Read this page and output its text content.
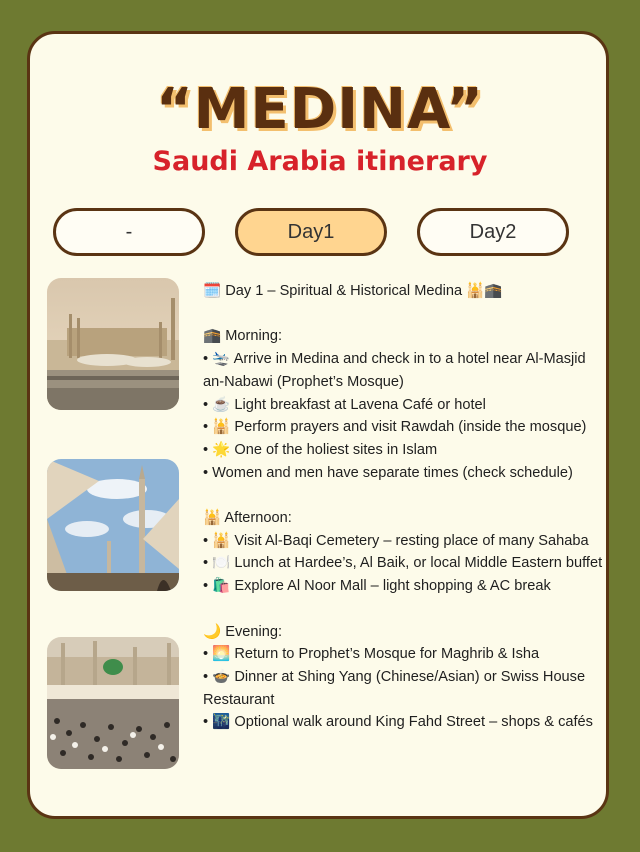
“MEDINA”
Saudi Arabia itinerary
-	Day1	Day2
🗓️ Day 1 – Spiritual & Historical Medina 🕌🕋
🕋 Morning:
• 🛬 Arrive in Medina and check in to a hotel near Al-Masjid an-Nabawi (Prophet’s Mosque)
• ☕ Light breakfast at Lavena Café or hotel
• 🕌 Perform prayers and visit Rawdah (inside the mosque)
• 🌟 One of the holiest sites in Islam
• Women and men have separate times (check schedule)
🕌 Afternoon:
• 🕌 Visit Al-Baqi Cemetery – resting place of many Sahaba
• 🍽️ Lunch at Hardee’s, Al Baik, or local Middle Eastern buffet
• 🛍️ Explore Al Noor Mall – light shopping & AC break
🌙 Evening:
• 🌅 Return to Prophet’s Mosque for Maghrib & Isha
• 🍲 Dinner at Shing Yang (Chinese/Asian) or Swiss House Restaurant
• 🌃 Optional walk around King Fahd Street – shops & cafés
